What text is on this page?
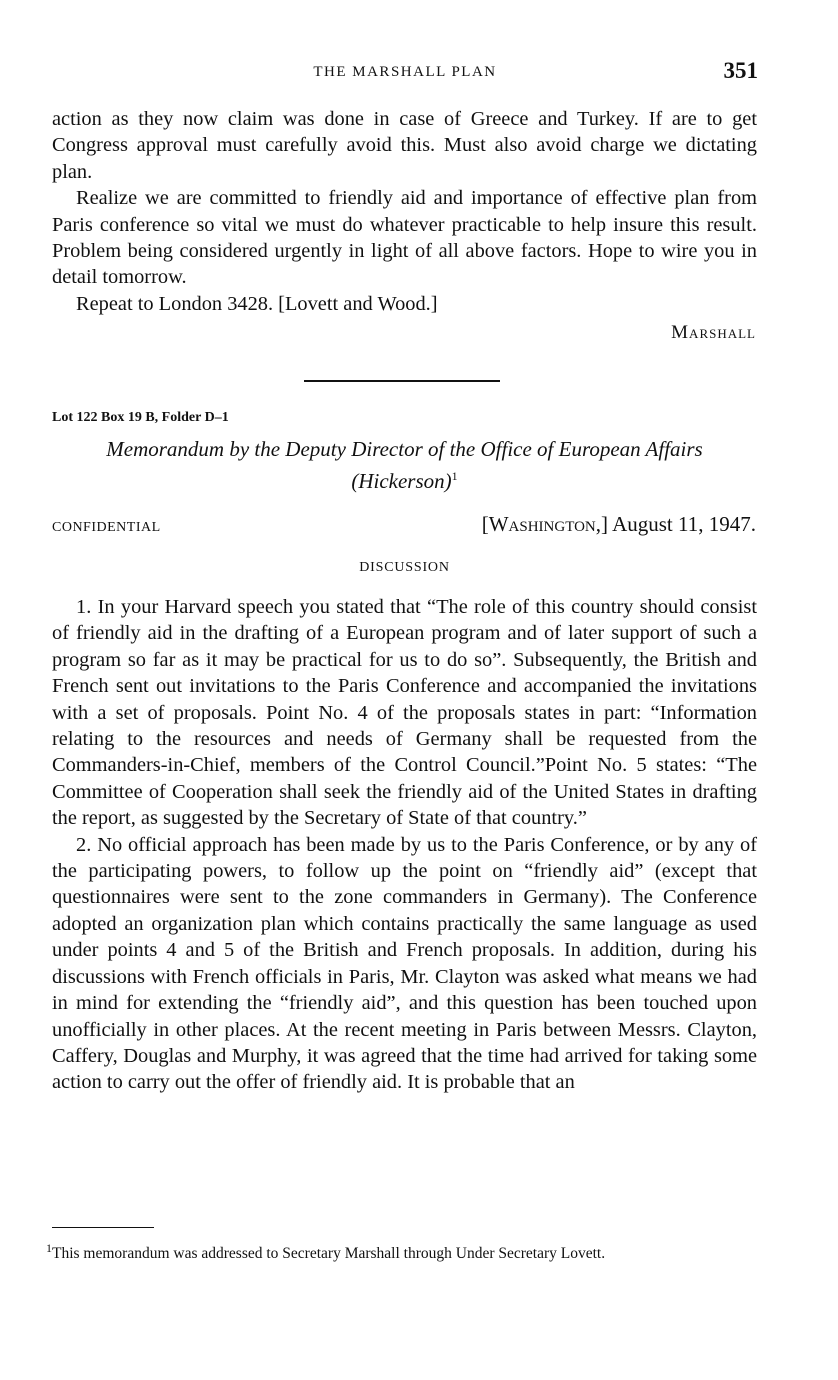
THE MARSHALL PLAN	351

action as they now claim was done in case of Greece and Turkey. If are to get Congress approval must carefully avoid this. Must also avoid charge we dictating plan.

Realize we are committed to friendly aid and importance of effective plan from Paris conference so vital we must do whatever practicable to help insure this result. Problem being considered urgently in light of all above factors. Hope to wire you in detail tomorrow.

Repeat to London 3428. [Lovett and Wood.]

Marshall
Lot 122 Box 19 B, Folder D–1
Memorandum by the Deputy Director of the Office of European Affairs
(Hickerson)$^1$
CONFIDENTIAL	[Washington,] August 11, 1947.
DISCUSSION

1. In your Harvard speech you stated that “The role of this country should consist of friendly aid in the drafting of a European program and of later support of such a program so far as it may be practical for us to do so”. Subsequently, the British and French sent out invitations to the Paris Conference and accompanied the invitations with a set of proposals. Point No. 4 of the proposals states in part: “Information relating to the resources and needs of Germany shall be requested from the Commanders-in-Chief, members of the Control Council.”Point No. 5 states: “The Committee of Cooperation shall seek the friendly aid of the United States in drafting the report, as suggested by the Secretary of State of that country.”

2. No official approach has been made by us to the Paris Conference, or by any of the participating powers, to follow up the point on “friendly aid” (except that questionnaires were sent to the zone commanders in Germany). The Conference adopted an organization plan which contains practically the same language as used under points 4 and 5 of the British and French proposals. In addition, during his discussions with French officials in Paris, Mr. Clayton was asked what means we had in mind for extending the “friendly aid”, and this question has been touched upon unofficially in other places. At the recent meeting in Paris between Messrs. Clayton, Caffery, Douglas and Murphy, it was agreed that the time had arrived for taking some action to carry out the offer of friendly aid. It is probable that an

$^1$This memorandum was addressed to Secretary Marshall through Under Secretary Lovett.
